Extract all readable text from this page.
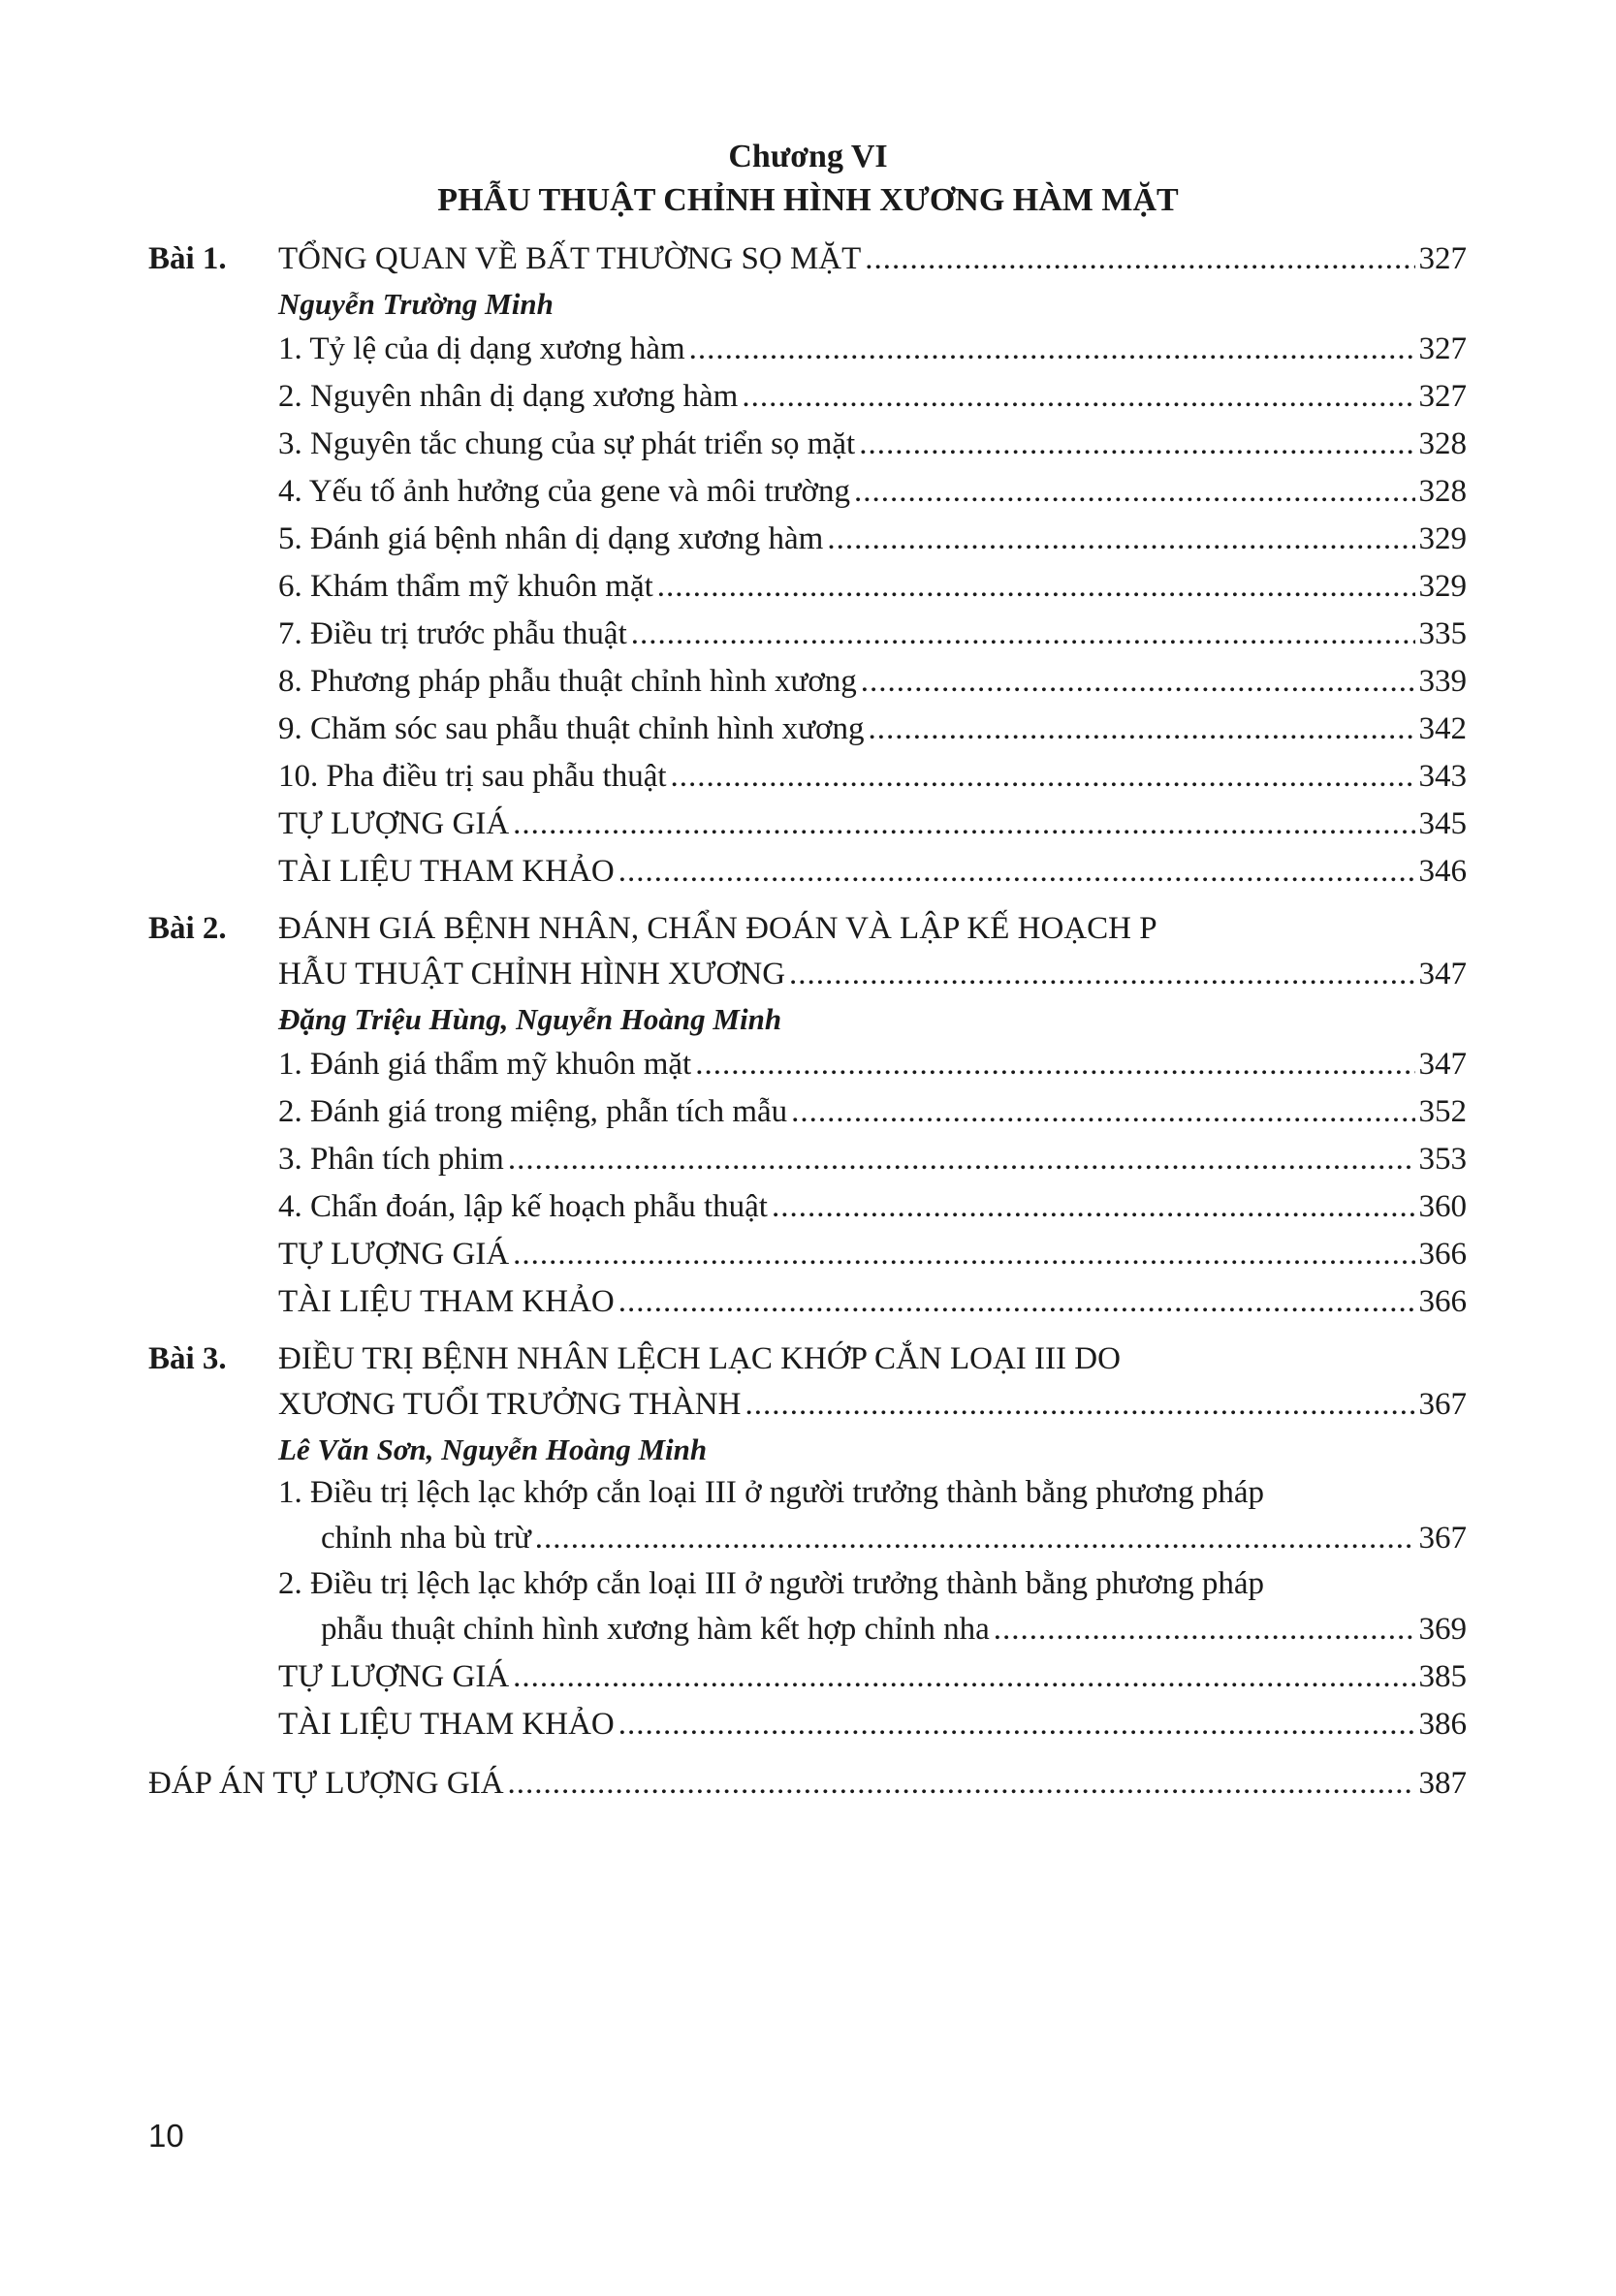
Chương VI
PHẪU THUẬT CHỈNH HÌNH XƯƠNG HÀM MẶT
Bài 1.	TỔNG QUAN VỀ BẤT THƯỜNG SỌ MẶT .....	327
Nguyễn Trường Minh
1. Tỷ lệ của dị dạng xương hàm .....	327
2. Nguyên nhân dị dạng xương hàm .....	327
3. Nguyên tắc chung của sự phát triển sọ mặt .....	328
4. Yếu tố ảnh hưởng của gene và môi trường .....	328
5. Đánh giá bệnh nhân dị dạng xương hàm .....	329
6. Khám thẩm mỹ khuôn mặt .....	329
7. Điều trị trước phẫu thuật .....	335
8. Phương pháp phẫu thuật chỉnh hình xương .....	339
9. Chăm sóc sau phẫu thuật chỉnh hình xương .....	342
10. Pha điều trị sau phẫu thuật .....	343
TỰ LƯỢNG GIÁ .....	345
TÀI LIỆU THAM KHẢO .....	346
Bài 2.	ĐÁNH GIÁ BỆNH NHÂN, CHẨN ĐOÁN VÀ LẬP KẾ HOẠCH P
HẪU THUẬT CHỈNH HÌNH XƯƠNG .....	347
Đặng Triệu Hùng, Nguyễn Hoàng Minh
1. Đánh giá thẩm mỹ khuôn mặt .....	347
2. Đánh giá trong miệng, phẫn tích mẫu .....	352
3. Phân tích phim .....	353
4. Chẩn đoán, lập kế hoạch phẫu thuật .....	360
TỰ LƯỢNG GIÁ .....	366
TÀI LIỆU THAM KHẢO .....	366
Bài 3.	ĐIỀU TRỊ BỆNH NHÂN LỆCH LẠC KHỚP CẮN LOẠI III DO
XƯƠNG TUỔI TRƯỞNG THÀNH .....	367
Lê Văn Sơn, Nguyễn Hoàng Minh
1. Điều trị lệch lạc khớp cắn loại III ở người trưởng thành bằng phương pháp
chỉnh nha bù trừ .....	367
2. Điều trị lệch lạc khớp cắn loại III ở người trưởng thành bằng phương pháp
phẫu thuật chỉnh hình xương hàm kết hợp chỉnh nha .....	369
TỰ LƯỢNG GIÁ .....	385
TÀI LIỆU THAM KHẢO .....	386
ĐÁP ÁN TỰ LƯỢNG GIÁ .....	387
10
